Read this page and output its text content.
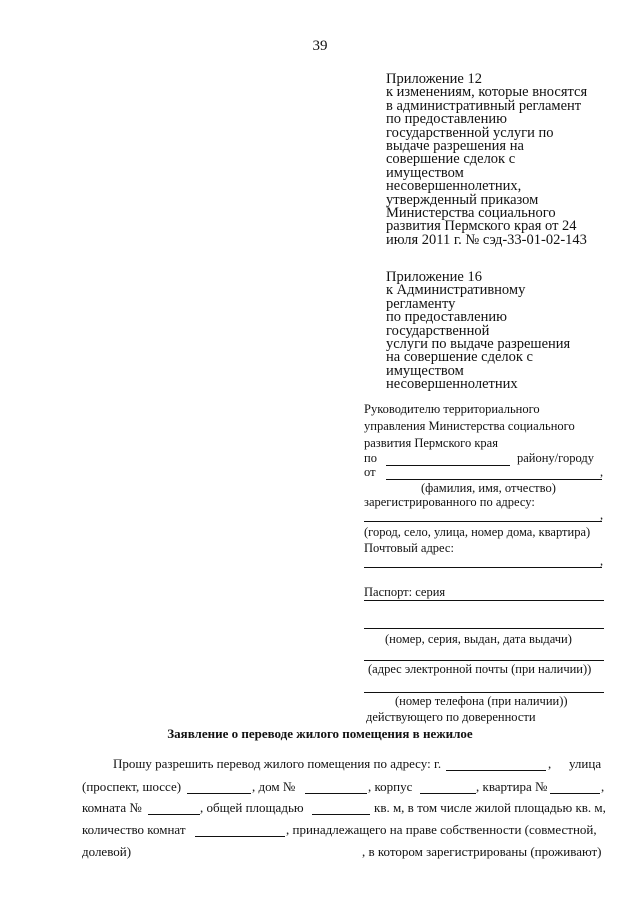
39
Приложение 12
к изменениям, которые вносятся
в административный регламент
по предоставлению
государственной услуги по
выдаче разрешения на
совершение сделок с
имуществом
несовершеннолетних,
утвержденный приказом
Министерства социального
развития Пермского края от 24
июля 2011 г. № сэд-33-01-02-143
Приложение 16
к Административному
регламенту
по предоставлению
государственной
услуги по выдаче разрешения
на совершение сделок с
имуществом
несовершеннолетних
Руководителю территориального
управления Министерства социального
развития Пермского края
по	району/городу
от	,
(фамилия, имя, отчество)
зарегистрированного по адресу:
,
(город, село, улица, номер дома, квартира)
Почтовый адрес:
,
Паспорт: серия
(номер, серия, выдан, дата выдачи)
(адрес электронной почты (при наличии))
(номер телефона (при наличии))
действующего по доверенности
Заявление о переводе жилого помещения в нежилое
Прошу разрешить перевод жилого помещения по адресу: г.	, улица
(проспект, шоссе)	, дом №	, корпус	, квартира №	,
комната №	, общей площадью	кв. м, в том числе жилой площадью кв. м,
количество комнат	, принадлежащего на праве собственности (совместной,
долевой)	, в котором зарегистрированы (проживают)
